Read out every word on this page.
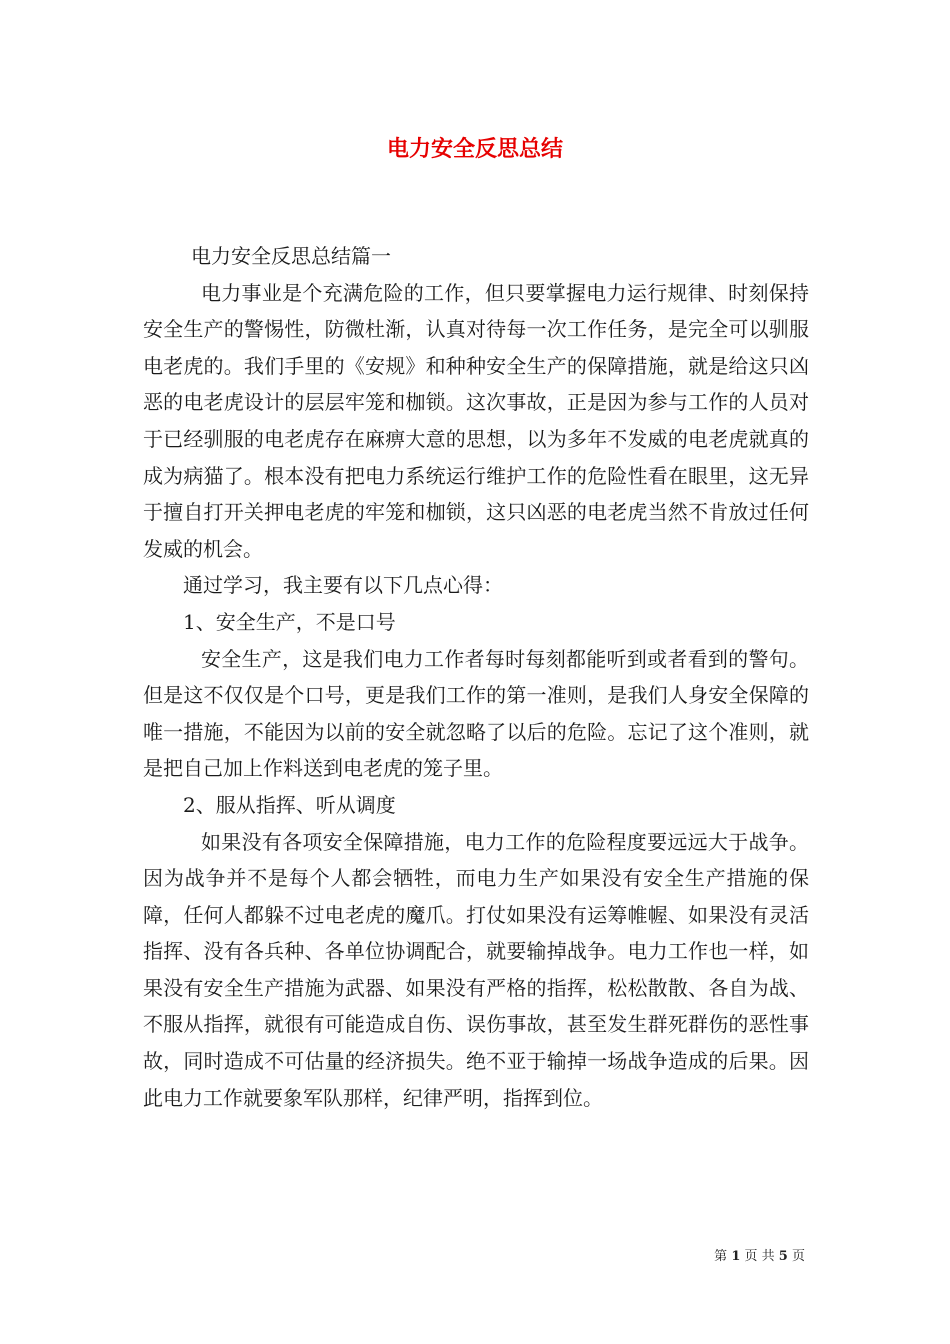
电力安全反思总结

电力安全反思总结篇一

电力事业是个充满危险的工作，但只要掌握电力运行规律、时刻保持安全生产的警惕性，防微杜渐，认真对待每一次工作任务，是完全可以驯服电老虎的。我们手里的《安规》和种种安全生产的保障措施，就是给这只凶恶的电老虎设计的层层牢笼和枷锁。这次事故，正是因为参与工作的人员对于已经驯服的电老虎存在麻痹大意的思想，以为多年不发威的电老虎就真的成为病猫了。根本没有把电力系统运行维护工作的危险性看在眼里，这无异于擅自打开关押电老虎的牢笼和枷锁，这只凶恶的电老虎当然不肯放过任何发威的机会。

通过学习，我主要有以下几点心得：

1、安全生产，不是口号

安全生产，这是我们电力工作者每时每刻都能听到或者看到的警句。但是这不仅仅是个口号，更是我们工作的第一准则，是我们人身安全保障的唯一措施，不能因为以前的安全就忽略了以后的危险。忘记了这个准则，就是把自己加上作料送到电老虎的笼子里。

2、服从指挥、听从调度

如果没有各项安全保障措施，电力工作的危险程度要远远大于战争。因为战争并不是每个人都会牺牲，而电力生产如果没有安全生产措施的保障，任何人都躲不过电老虎的魔爪。打仗如果没有运筹帷幄、如果没有灵活指挥、没有各兵种、各单位协调配合，就要输掉战争。电力工作也一样，如果没有安全生产措施为武器、如果没有严格的指挥，松松散散、各自为战、不服从指挥，就很有可能造成自伤、误伤事故，甚至发生群死群伤的恶性事故，同时造成不可估量的经济损失。绝不亚于输掉一场战争造成的后果。因此电力工作就要象军队那样，纪律严明，指挥到位。

第 1 页 共 5 页
